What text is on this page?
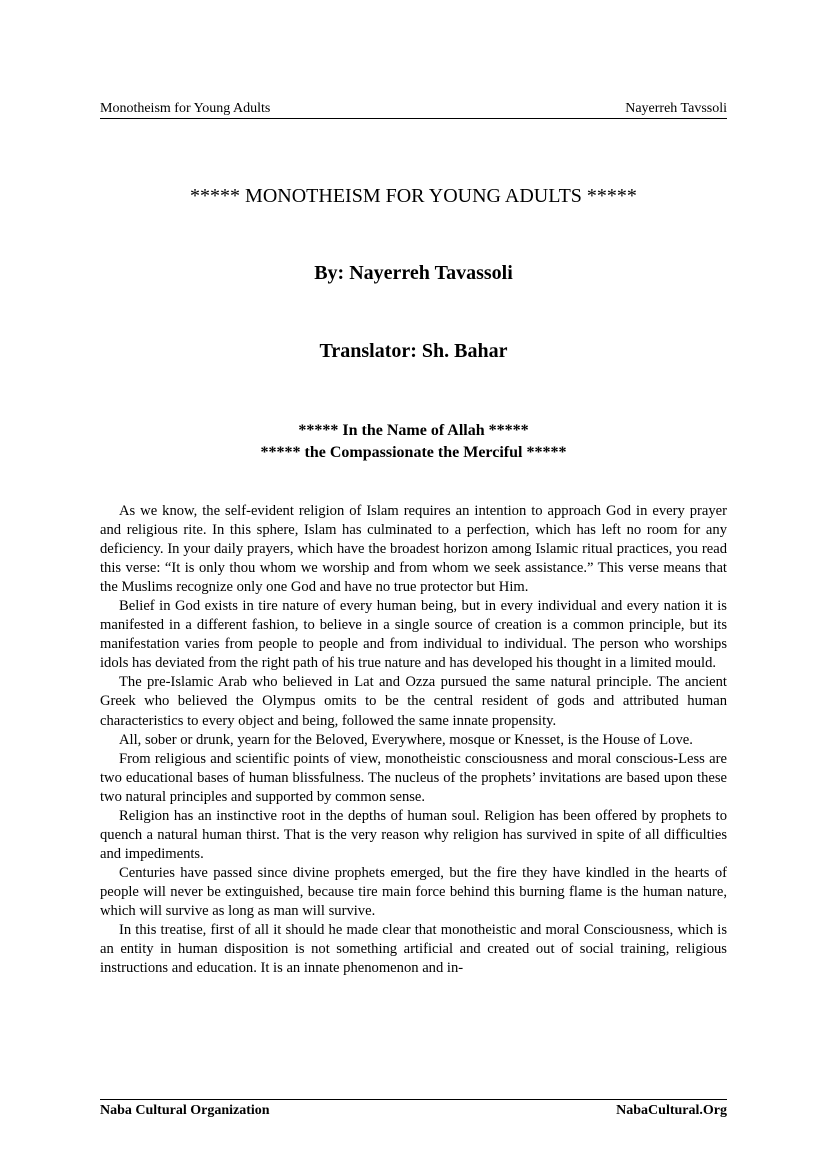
Monotheism for Young Adults	Nayerreh Tavssoli
***** MONOTHEISM FOR YOUNG ADULTS *****
By: Nayerreh Tavassoli
Translator: Sh. Bahar
***** In the Name of Allah *****
***** the Compassionate the Merciful *****

As we know, the self-evident religion of Islam requires an intention to approach God in every prayer and religious rite. In this sphere, Islam has culminated to a perfection, which has left no room for any deficiency. In your daily prayers, which have the broadest horizon among Islamic ritual practices, you read this verse: “It is only thou whom we worship and from whom we seek assistance.” This verse means that the Muslims recognize only one God and have no true protector but Him.

Belief in God exists in tire nature of every human being, but in every individual and every nation it is manifested in a different fashion, to believe in a single source of creation is a common principle, but its manifestation varies from people to people and from individual to individual. The person who worships idols has deviated from the right path of his true nature and has developed his thought in a limited mould.

The pre-Islamic Arab who believed in Lat and Ozza pursued the same natural principle. The ancient Greek who believed the Olympus omits to be the central resident of gods and attributed human characteristics to every object and being, followed the same innate propensity.

All, sober or drunk, yearn for the Beloved, Everywhere, mosque or Knesset, is the House of Love.

From religious and scientific points of view, monotheistic consciousness and moral conscious-Less are two educational bases of human blissfulness. The nucleus of the prophets’ invitations are based upon these two natural principles and supported by common sense.

Religion has an instinctive root in the depths of human soul. Religion has been offered by prophets to quench a natural human thirst. That is the very reason why religion has survived in spite of all difficulties and impediments.

Centuries have passed since divine prophets emerged, but the fire they have kindled in the hearts of people will never be extinguished, because tire main force behind this burning flame is the human nature, which will survive as long as man will survive.

In this treatise, first of all it should he made clear that monotheistic and moral Consciousness, which is an entity in human disposition is not something artificial and created out of social training, religious instructions and education. It is an innate phenomenon and in-

Naba Cultural Organization	NabaCultural.Org
